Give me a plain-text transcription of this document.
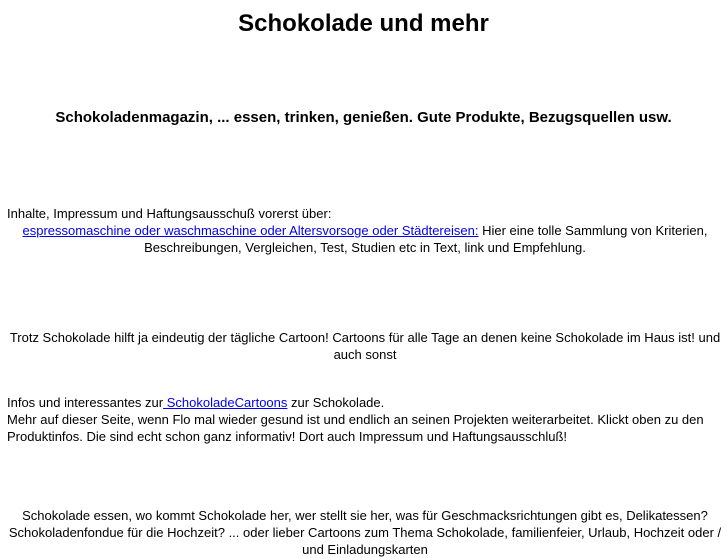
Schokolade und mehr
Schokoladenmagazin, ... essen, trinken, genießen. Gute Produkte, Bezugsquellen usw.
Inhalte, Impressum und Haftungsausschuß vorerst über:
espressomaschine oder waschmaschine oder Altersvorsoge oder Städtereisen: Hier eine tolle Sammlung von Kriterien, Beschreibungen, Vergleichen, Test, Studien etc in Text, link und Empfehlung.
Trotz Schokolade hilft ja eindeutig der tägliche Cartoon! Cartoons für alle Tage an denen keine Schokolade im Haus ist! und auch sonst
Infos und interessantes zur SchokoladeCartoons zur Schokolade.
Mehr auf dieser Seite, wenn Flo mal wieder gesund ist und endlich an seinen Projekten weiterarbeitet. Klickt oben zu den Produktinfos. Die sind echt schon ganz informativ! Dort auch Impressum und Haftungsausschluß!
Schokolade essen, wo kommt Schokolade her, wer stellt sie her, was für Geschmacksrichtungen gibt es, Delikatessen? Schokoladenfondue für die Hochzeit? ... oder lieber Cartoons zum Thema Schokolade, familienfeier, Urlaub, Hochzeit oder / und Einladungskarten
